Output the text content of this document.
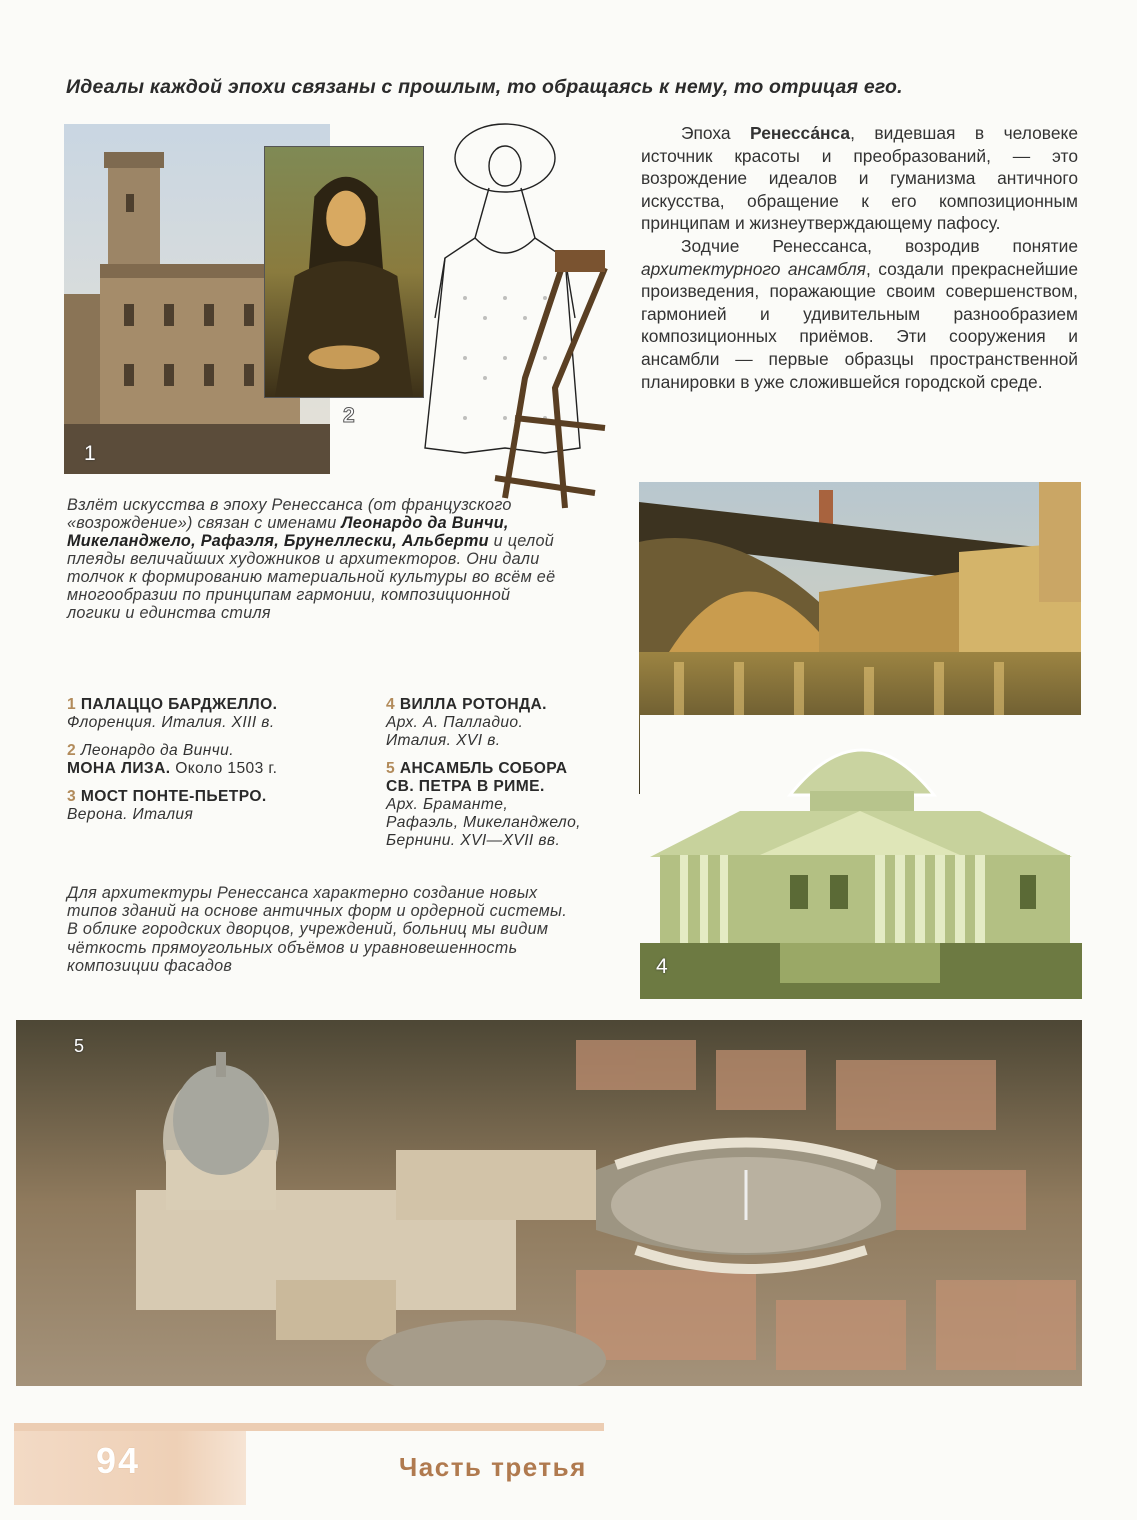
Идеалы каждой эпохи связаны с прошлым, то обращаясь к нему, то отрицая его.
1
2

Эпоха Ренесса́нса, видевшая в человеке источник красоты и преобразований, — это возрождение идеалов и гуманизма античного искусства, обращение к его композиционным принципам и жизнеутверждающему пафосу.

Зодчие Ренессанса, возродив понятие архитектурного ансамбля, создали прекраснейшие произведения, поражающие своим совершенством, гармонией и удивительным разнообразием композиционных приёмов. Эти сооружения и ансамбли — первые образцы пространственной планировки в уже сложившейся городской среде.

Взлёт искусства в эпоху Ренессанса (от французского «возрождение») связан с именами Леонардо да Винчи, Микеланджело, Рафаэля, Брунеллески, Альберти и целой плеяды величайших художников и архитекторов. Они дали толчок к формированию материальной культуры во всём её многообразии по принципам гармонии, композиционной логики и единства стиля
4
1 ПАЛАЦЦО БАРДЖЕЛЛО.
Флоренция. Италия. XIII в.
2 Леонардо да Винчи.
МОНА ЛИЗА. Около 1503 г.
3 МОСТ ПОНТЕ-ПЬЕТРО.
Верона. Италия
4 ВИЛЛА РОТОНДА.
Арх. А. Палладио.
Италия. XVI в.
5 АНСАМБЛЬ СОБОРА
СВ. ПЕТРА В РИМЕ.
Арх. Браманте,
Рафаэль, Микеланджело,
Бернини. XVI—XVII вв.
Для архитектуры Ренессанса характерно создание новых типов зданий на основе античных форм и ордерной системы. В облике городских дворцов, учреждений, больниц мы видим чёткость прямоугольных объёмов и уравновешенность композиции фасадов
5
94	Часть третья
